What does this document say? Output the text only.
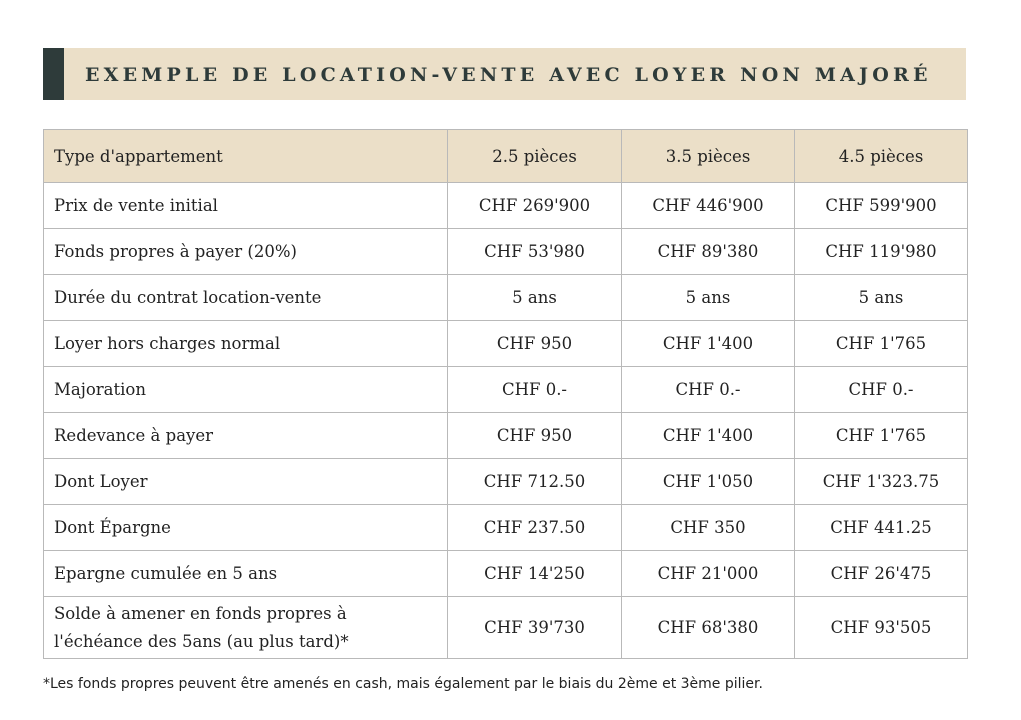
EXEMPLE DE LOCATION-VENTE AVEC LOYER NON MAJORÉ
Type d'appartement	2.5 pièces	3.5 pièces	4.5 pièces
Prix de vente initial	CHF 269'900	CHF 446'900	CHF 599'900
Fonds propres à payer (20%)	CHF 53'980	CHF 89'380	CHF 119'980
Durée du contrat location-vente	5 ans	5 ans	5 ans
Loyer hors charges normal	CHF 950	CHF 1'400	CHF 1'765
Majoration	CHF 0.-	CHF 0.-	CHF 0.-
Redevance à payer	CHF 950	CHF 1'400	CHF 1'765
Dont Loyer	CHF 712.50	CHF 1'050	CHF 1'323.75
Dont Épargne	CHF 237.50	CHF 350	CHF 441.25
Epargne cumulée en 5 ans	CHF 14'250	CHF 21'000	CHF 26'475

Solde à amener en fonds propres à
l'échéance des 5ans (au plus tard)*	CHF 39'730	CHF 68'380	CHF 93'505
*Les fonds propres peuvent être amenés en cash, mais également par le biais du 2ème et 3ème pilier.
